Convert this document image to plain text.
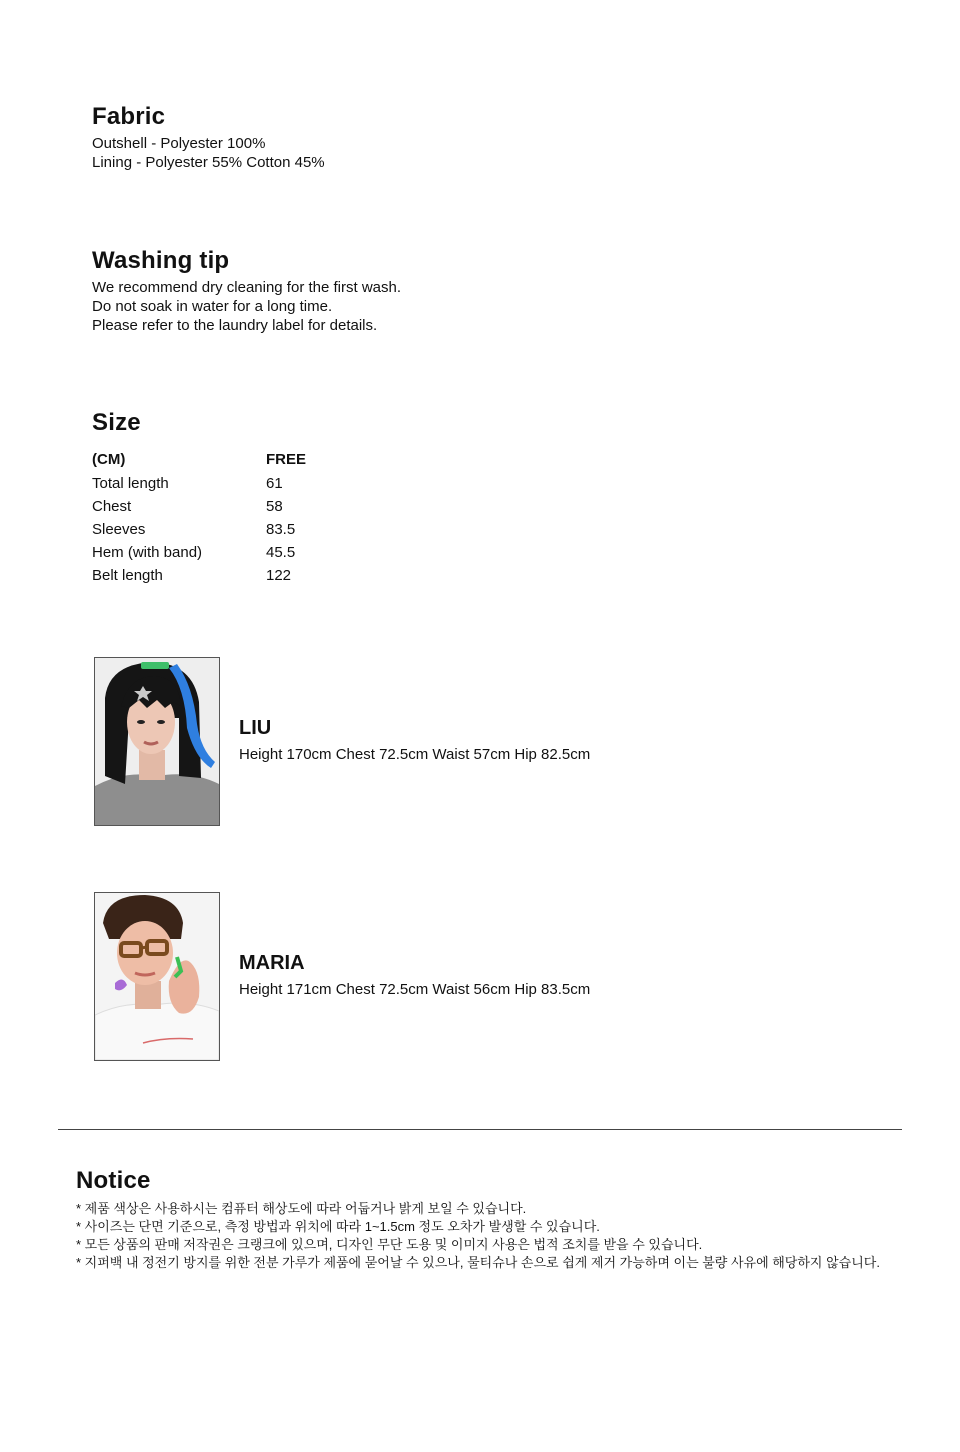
Fabric

Outshell - Polyester 100%

Lining - Polyester 55% Cotton 45%

Washing tip

We recommend dry cleaning for the first wash.

Do not soak in water for a long time.

Please refer to the laundry label for details.

Size
(CM)	FREE
Total length	61
Chest	58
Sleeves	83.5
Hem (with band)	45.5
Belt length	122

LIU

Height 170cm Chest 72.5cm Waist 57cm Hip 82.5cm

MARIA

Height 171cm Chest 72.5cm Waist 56cm Hip 83.5cm

Notice

* 제품 색상은 사용하시는 컴퓨터 해상도에 따라 어둡거나 밝게 보일 수 있습니다.

* 사이즈는 단면 기준으로, 측정 방법과 위치에 따라 1~1.5cm 정도 오차가 발생할 수 있습니다.

* 모든 상품의 판매 저작권은 크랭크에 있으며, 디자인 무단 도용 및 이미지 사용은 법적 조치를 받을 수 있습니다.

* 지퍼백 내 정전기 방지를 위한 전분 가루가 제품에 묻어날 수 있으나, 물티슈나 손으로 쉽게 제거 가능하며 이는 불량 사유에 해당하지 않습니다.
